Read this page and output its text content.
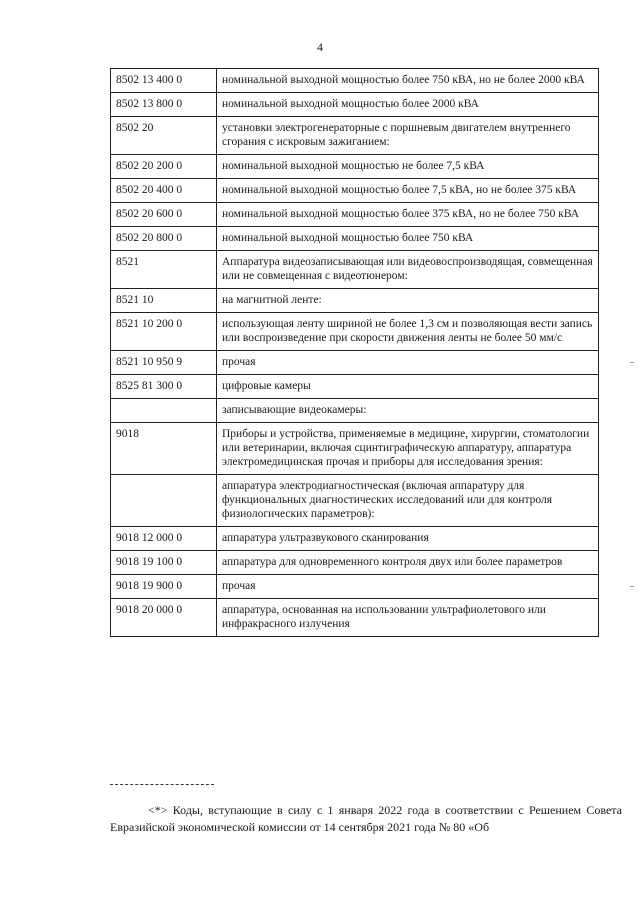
4
8502 13 400 0	номинальной выходной мощностью более 750 кВА, но не более 2000 кВА
8502 13 800 0	номинальной выходной мощностью более 2000 кВА
8502 20	установки электрогенераторные с поршневым двигателем внутреннего сгорания с искровым зажиганием:
8502 20 200 0	номинальной выходной мощностью не более 7,5 кВА
8502 20 400 0	номинальной выходной мощностью более 7,5 кВА, но не более 375 кВА
8502 20 600 0	номинальной выходной мощностью более 375 кВА, но не более 750 кВА
8502 20 800 0	номинальной выходной мощностью более 750 кВА
8521	Аппаратура видеозаписывающая или видеовоспроизводящая, совмещенная или не совмещенная с видеотюнером:
8521 10	на магнитной ленте:
8521 10 200 0	использующая ленту шириной не более 1,3 см и позволяющая вести запись или воспроизведение при скорости движения ленты не более 50 мм/с
8521 10 950 9	прочая
8525 81 300 0	цифровые камеры
	записывающие видеокамеры:
9018	Приборы и устройства, применяемые в медицине, хирургии, стоматологии или ветеринарии, включая сцинтиграфическую аппаратуру, аппаратура электромедицинская прочая и приборы для исследования зрения:
	аппаратура электродиагностическая (включая аппаратуру для функциональных диагностических исследований или для контроля физиологических параметров):
9018 12 000 0	аппаратура ультразвукового сканирования
9018 19 100 0	аппаратура для одновременного контроля двух или более параметров
9018 19 900 0	прочая
9018 20 000 0	аппаратура, основанная на использовании ультрафиолетового или инфракрасного излучения
<*> Коды, вступающие в силу с 1 января 2022 года в соответствии с Решением Совета Евразийской экономической комиссии от 14 сентября 2021 года № 80 «Об
